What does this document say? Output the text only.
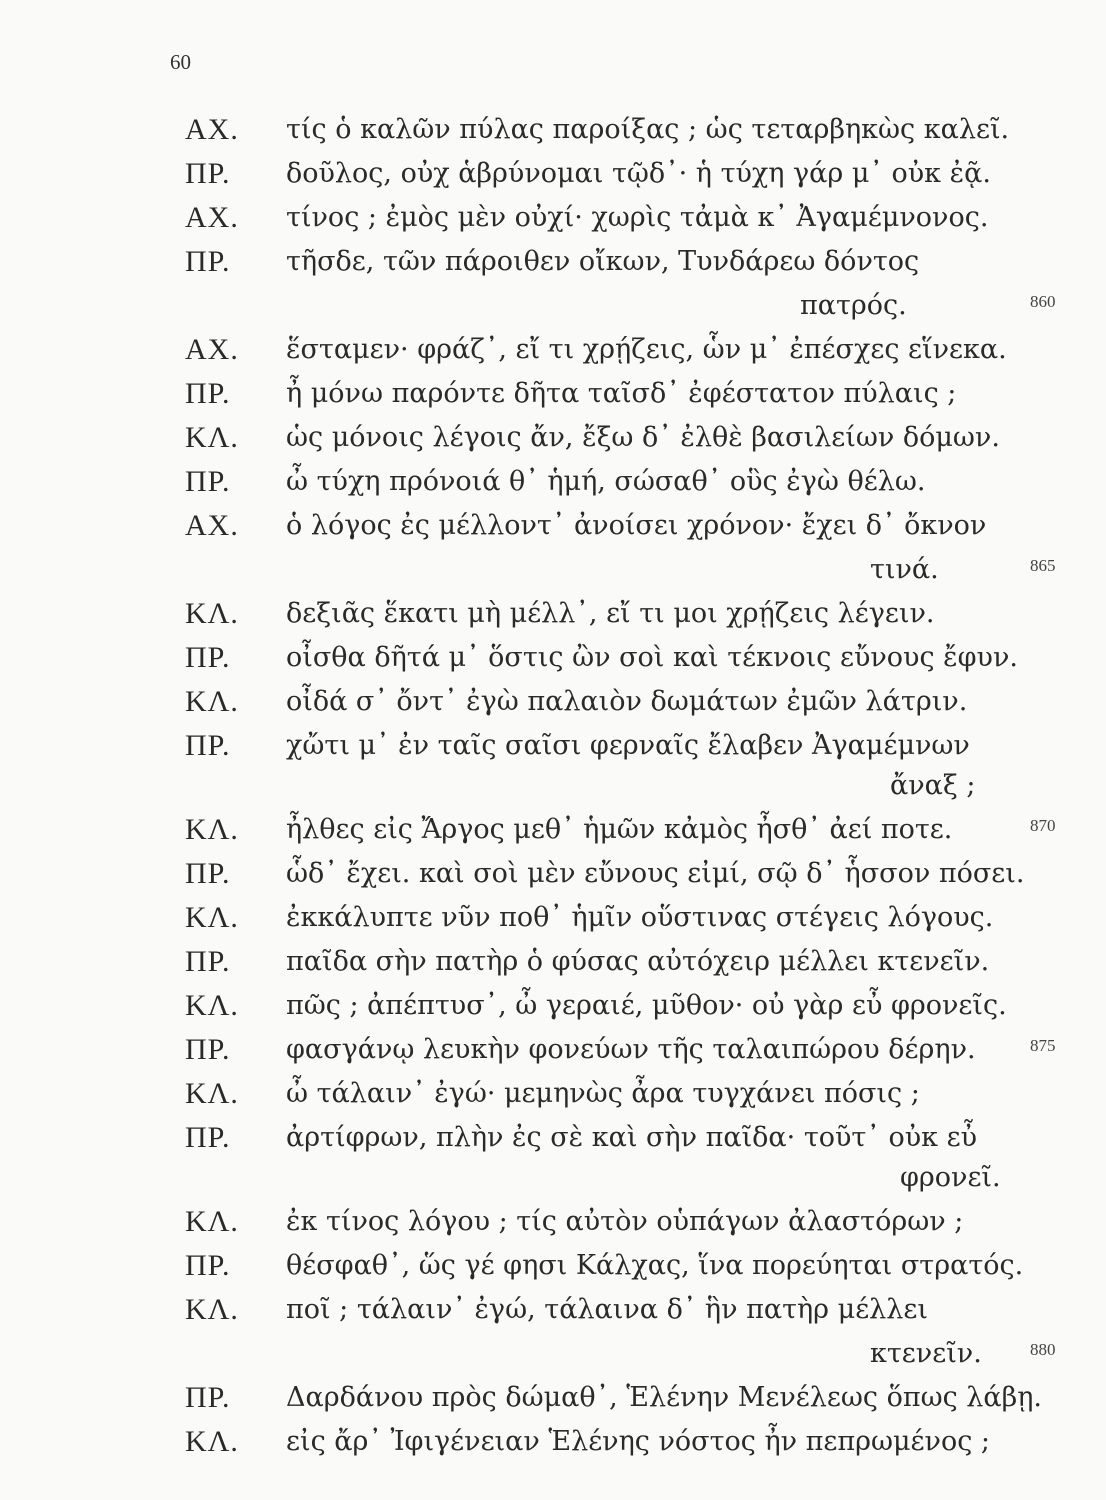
60
ΑΧ. τίς ὁ καλῶν πύλας παροίξας ; ὡς τεταρβηκὼς καλεῖ.
ΠΡ. δοῦλος, οὐχ ἁβρύνομαι τῷδ᾽· ἡ τύχη γάρ μ᾽ οὐκ ἐᾷ.
ΑΧ. τίνος ; ἐμὸς μὲν οὐχί· χωρὶς τἀμὰ κ᾽ Ἀγαμέμνονος.
ΠΡ. τῆσδε, τῶν πάροιθεν οἴκων, Τυνδάρεω δόντος
πατρός.	860
ΑΧ. ἕσταμεν· φράζ᾽, εἴ τι χρῄζεις, ὧν μ᾽ ἐπέσχες εἵνεκα.
ΠΡ. ἦ μόνω παρόντε δῆτα ταῖσδ᾽ ἐφέστατον πύλαις ;
ΚΛ. ὡς μόνοις λέγοις ἄν, ἔξω δ᾽ ἐλθὲ βασιλείων δόμων.
ΠΡ. ὦ τύχη πρόνοιά θ᾽ ἡμή, σώσαθ᾽ οὓς ἐγὼ θέλω.
ΑΧ. ὁ λόγος ἐς μέλλοντ᾽ ἀνοίσει χρόνον· ἔχει δ᾽ ὄκνον
τινά.	865
ΚΛ. δεξιᾶς ἕκατι μὴ μέλλ᾽, εἴ τι μοι χρῄζεις λέγειν.
ΠΡ. οἶσθα δῆτά μ᾽ ὅστις ὢν σοὶ καὶ τέκνοις εὔνους ἔφυν.
ΚΛ. οἶδά σ᾽ ὄντ᾽ ἐγὼ παλαιὸν δωμάτων ἐμῶν λάτριν.
ΠΡ. χὤτι μ᾽ ἐν ταῖς σαῖσι φερναῖς ἔλαβεν Ἀγαμέμνων
ἄναξ ;
ΚΛ. ἦλθες εἰς Ἄργος μεθ᾽ ἡμῶν κἀμὸς ἦσθ᾽ ἀεί ποτε.	870
ΠΡ. ὧδ᾽ ἔχει. καὶ σοὶ μὲν εὔνους εἰμί, σῷ δ᾽ ἧσσον πόσει.
ΚΛ. ἐκκάλυπτε νῦν ποθ᾽ ἡμῖν οὕστινας στέγεις λόγους.
ΠΡ. παῖδα σὴν πατὴρ ὁ φύσας αὐτόχειρ μέλλει κτενεῖν.
ΚΛ. πῶς ; ἀπέπτυσ᾽, ὦ γεραιέ, μῦθον· οὐ γὰρ εὖ φρονεῖς.
ΠΡ. φασγάνῳ λευκὴν φονεύων τῆς ταλαιπώρου δέρην.	875
ΚΛ. ὦ τάλαιν᾽ ἐγώ· μεμηνὼς ἆρα τυγχάνει πόσις ;
ΠΡ. ἀρτίφρων, πλὴν ἐς σὲ καὶ σὴν παῖδα· τοῦτ᾽ οὐκ εὖ
φρονεῖ.
ΚΛ. ἐκ τίνος λόγου ; τίς αὐτὸν οὑπάγων ἀλαστόρων ;
ΠΡ. θέσφαθ᾽, ὥς γέ φησι Κάλχας, ἵνα πορεύηται στρατός.
ΚΛ. ποῖ ; τάλαιν᾽ ἐγώ, τάλαινα δ᾽ ἣν πατὴρ μέλλει
κτενεῖν.	880
ΠΡ. Δαρδάνου πρὸς δώμαθ᾽, Ἑλένην Μενέλεως ὅπως λάβῃ.
ΚΛ. εἰς ἄρ᾽ Ἰφιγένειαν Ἑλένης νόστος ἦν πεπρωμένος ;
